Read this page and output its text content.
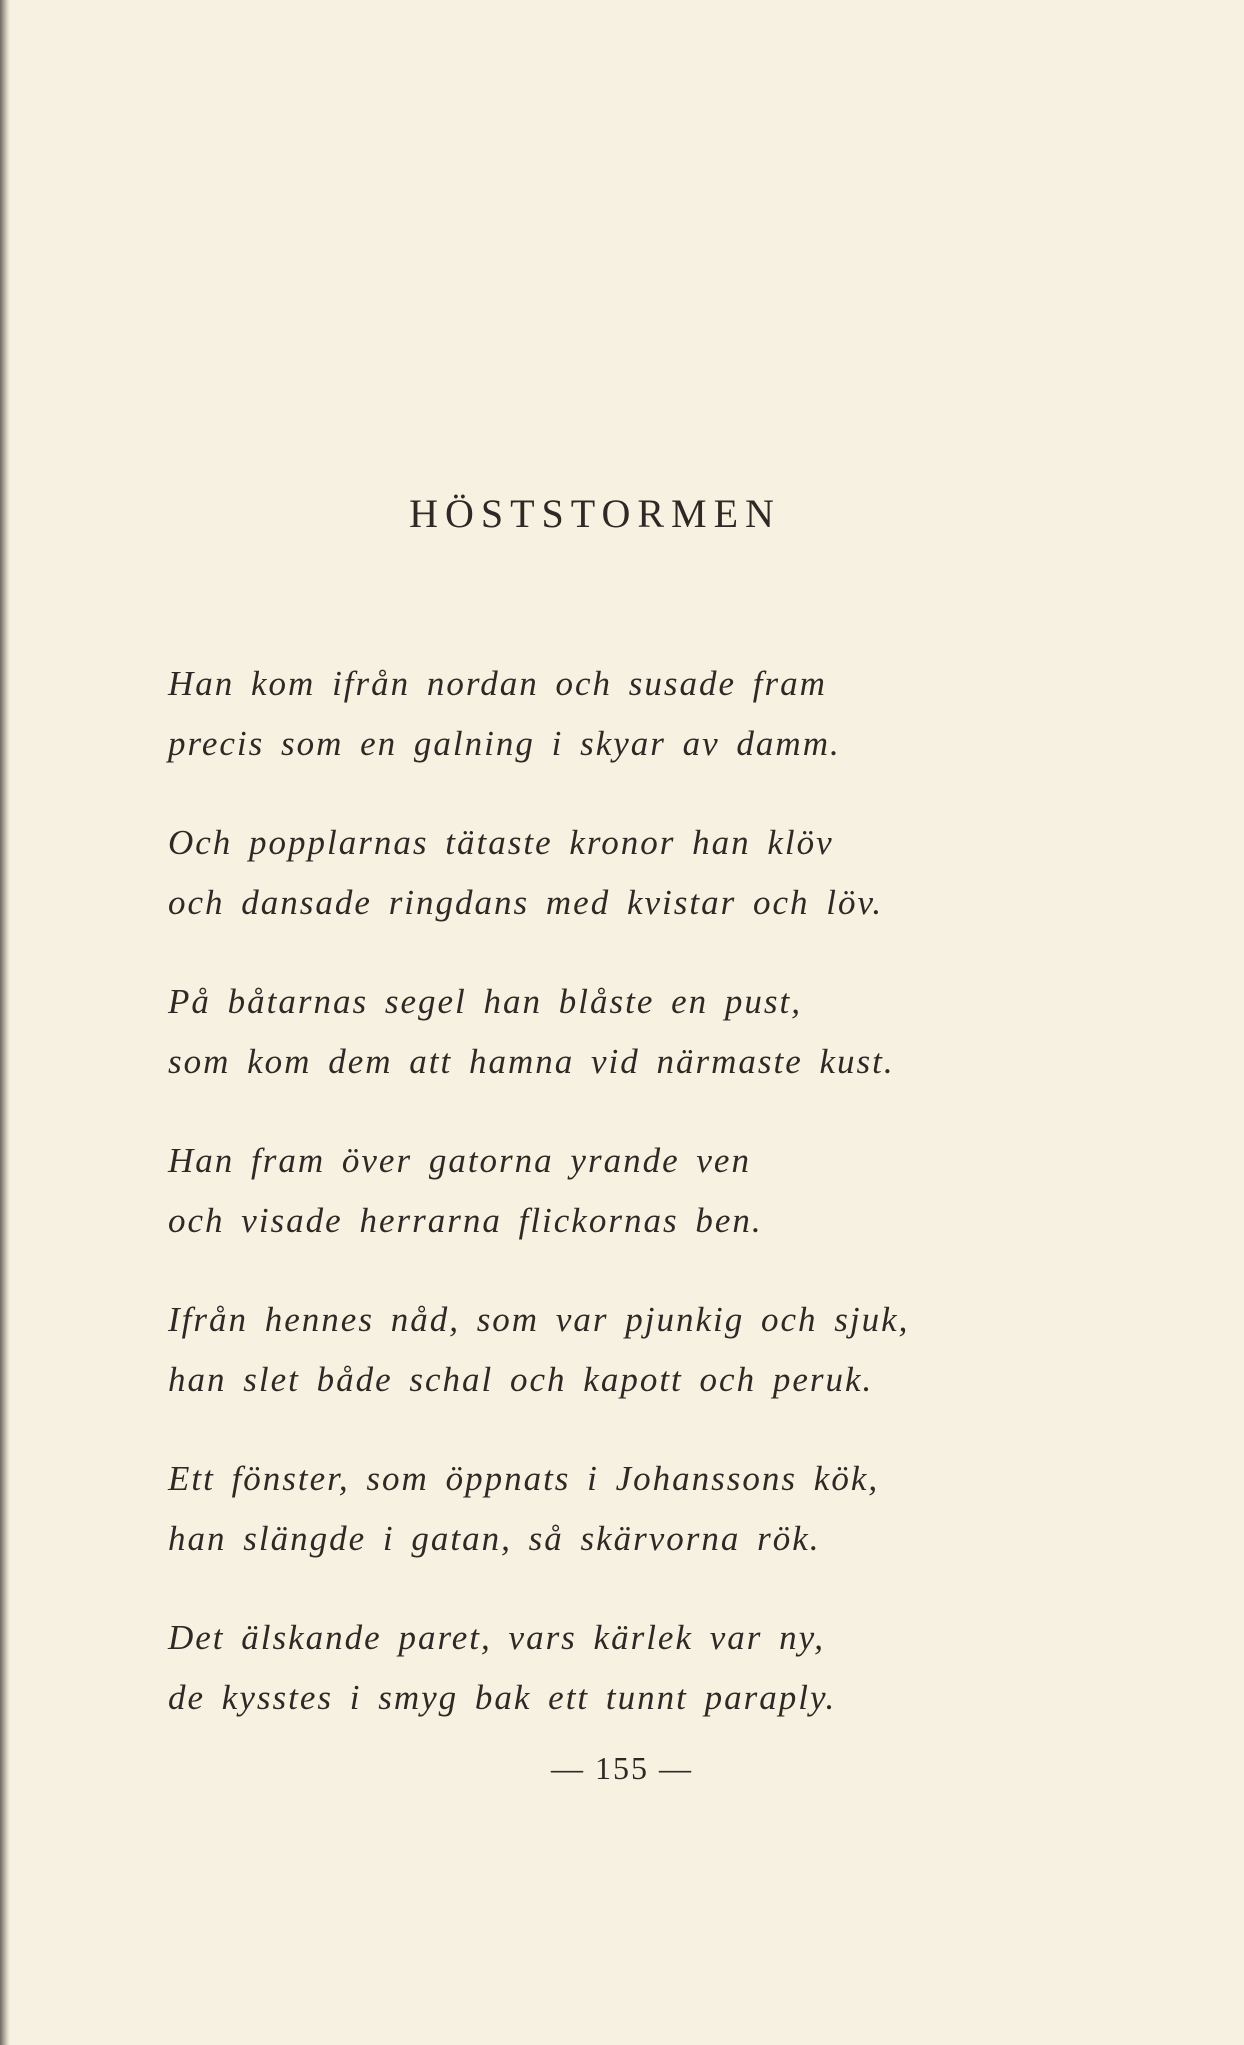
HÖSTSTORMEN
Han kom ifrån nordan och susade fram
precis som en galning i skyar av damm.
Och popplarnas tätaste kronor han klöv
och dansade ringdans med kvistar och löv.
På båtarnas segel han blåste en pust,
som kom dem att hamna vid närmaste kust.
Han fram över gatorna yrande ven
och visade herrarna flickornas ben.
Ifrån hennes nåd, som var pjunkig och sjuk,
han slet både schal och kapott och peruk.
Ett fönster, som öppnats i Johanssons kök,
han slängde i gatan, så skärvorna rök.
Det älskande paret, vars kärlek var ny,
de kysstes i smyg bak ett tunnt paraply.
— 155 —
